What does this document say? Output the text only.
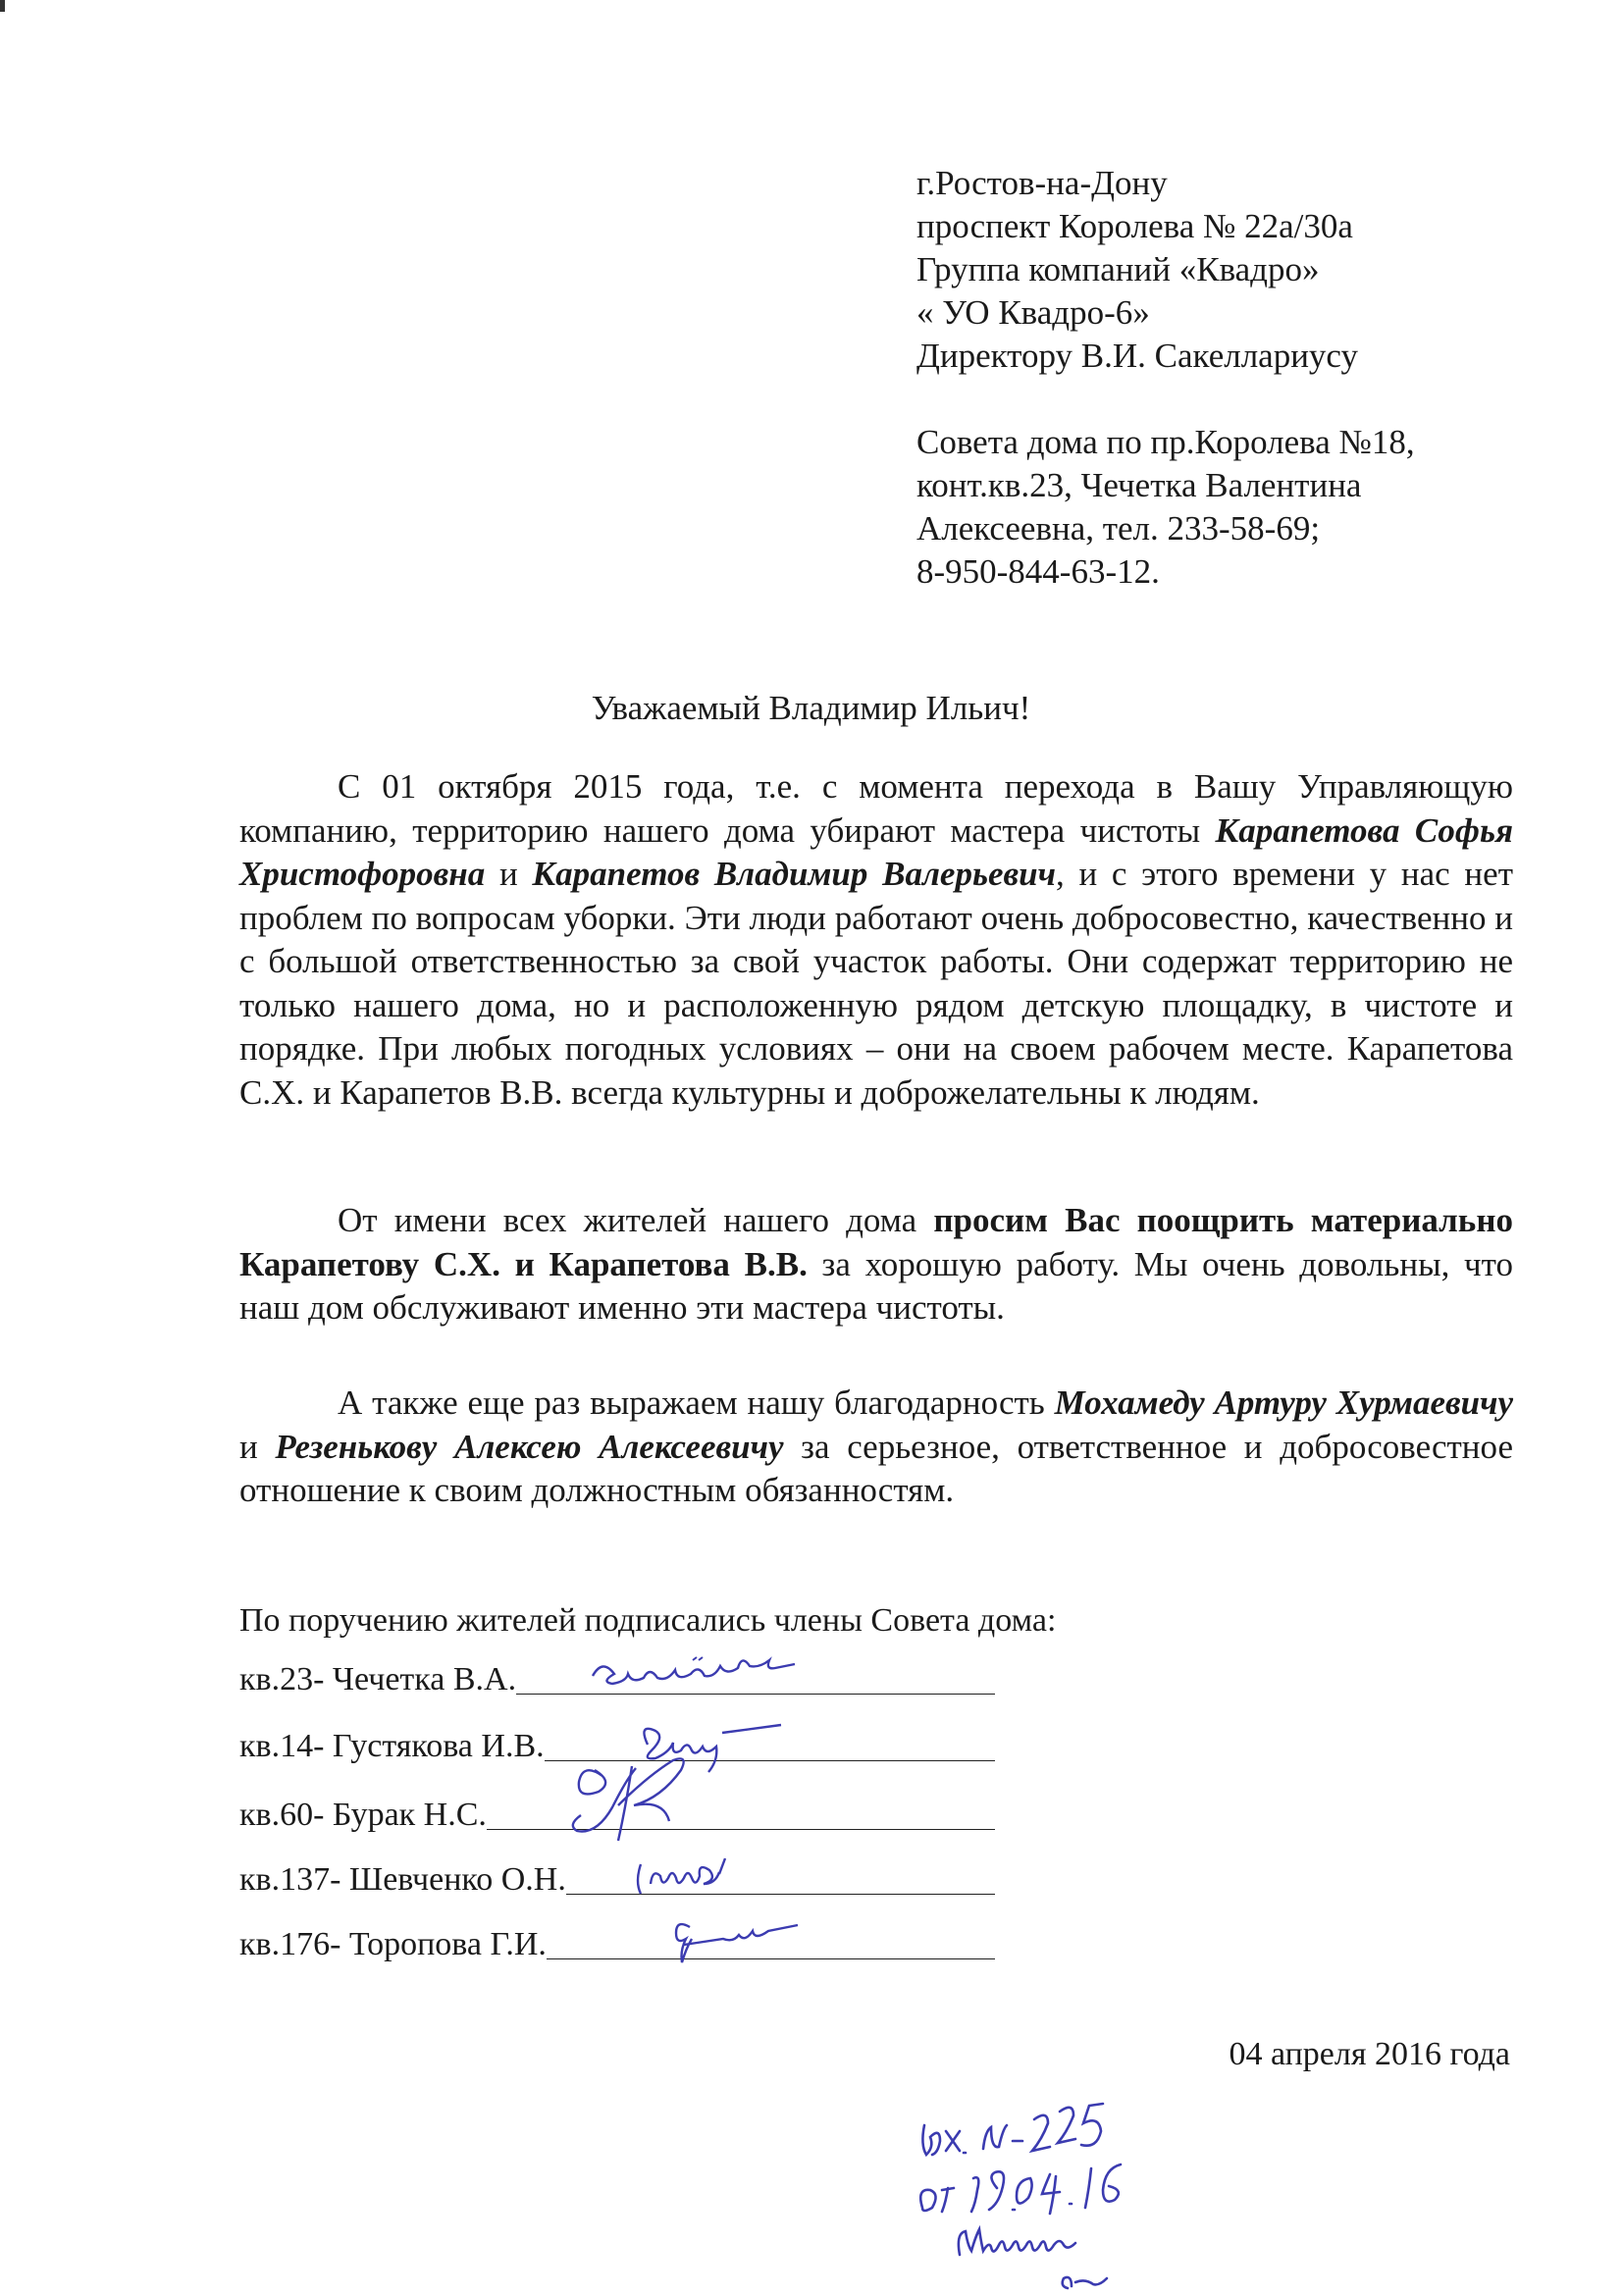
г.Ростов-на-Дону
проспект Королева № 22а/30а
Группа компаний «Квадро»
« УО Квадро-6»
Директору В.И. Сакеллариусу
Совета дома по пр.Королева №18,
конт.кв.23, Чечетка Валентина
Алексеевна, тел. 233-58-69;
8-950-844-63-12.
Уважаемый Владимир Ильич!
С 01 октября 2015 года, т.е. с момента перехода в Вашу Управляющую компанию, территорию нашего дома убирают мастера чистоты Карапетова Софья Христофоровна и Карапетов Владимир Валерьевич, и с этого времени у нас нет проблем по вопросам уборки. Эти люди работают очень добросовестно, качественно и с большой ответственностью за свой участок работы. Они содержат территорию не только нашего дома, но и расположенную рядом детскую площадку, в чистоте и порядке. При любых погодных условиях – они на своем рабочем месте. Карапетова С.Х. и Карапетов В.В. всегда культурны и доброжелательны к людям.
От имени всех жителей нашего дома просим Вас поощрить материально Карапетову С.Х. и Карапетова В.В. за хорошую работу. Мы очень довольны, что наш дом обслуживают именно эти мастера чистоты.
А также еще раз выражаем нашу благодарность Мохамеду Артуру Хурмаевичу и Резенькову Алексею Алексеевичу за серьезное, ответственное и добросовестное отношение к своим должностным обязанностям.
По поручению жителей подписались члены Совета дома:
кв.23- Чечетка В.А.
кв.14- Густякова И.В.
кв.60- Бурак Н.С.
кв.137- Шевченко О.Н.
кв.176- Торопова Г.И.
04 апреля 2016 года
